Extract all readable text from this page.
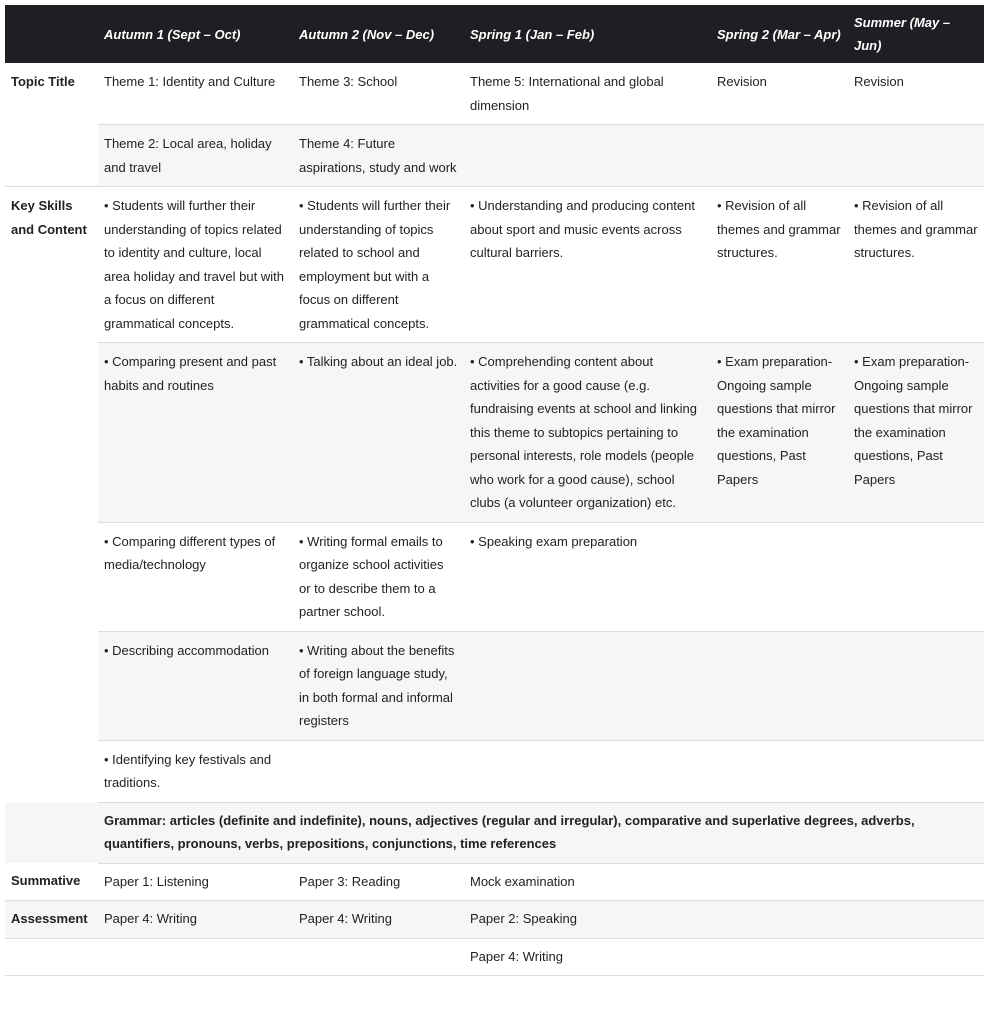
	Autumn 1 (Sept – Oct)	Autumn 2 (Nov – Dec)	Spring 1 (Jan – Feb)	Spring 2 (Mar – Apr)	Summer (May – Jun)
Topic Title	Theme 1: Identity and Culture	Theme 3: School	Theme 5: International and global dimension	Revision	Revision
	Theme 2: Local area, holiday and travel	Theme 4: Future aspirations, study and work			
Key Skills and Content	• Students will further their understanding of topics related to identity and culture, local area holiday and travel but with a focus on different grammatical concepts.	• Students will further their understanding of topics related to school and employment but with a focus on different grammatical concepts.	• Understanding and producing content about sport and music events across cultural barriers.	• Revision of all themes and grammar structures.	• Revision of all themes and grammar structures.
	• Comparing present and past habits and routines	• Talking about an ideal job.	• Comprehending content about activities for a good cause (e.g. fundraising events at school and linking this theme to subtopics pertaining to personal interests, role models (people who work for a good cause), school clubs (a volunteer organization) etc.	• Exam preparation- Ongoing sample questions that mirror the examination questions, Past Papers	• Exam preparation- Ongoing sample questions that mirror the examination questions, Past Papers
	• Comparing different types of media/technology	• Writing formal emails to organize school activities or to describe them to a partner school.	• Speaking exam preparation		
	• Describing accommodation	• Writing about the benefits of foreign language study, in both formal and informal registers			
	• Identifying key festivals and traditions.				
	Grammar: articles (definite and indefinite), nouns, adjectives (regular and irregular), comparative and superlative degrees, adverbs, quantifiers, pronouns, verbs, prepositions, conjunctions, time references				
Summative	Paper 1: Listening	Paper 3: Reading	Mock examination		
Assessment	Paper 4: Writing	Paper 4: Writing	Paper 2: Speaking		
			Paper 4: Writing		
